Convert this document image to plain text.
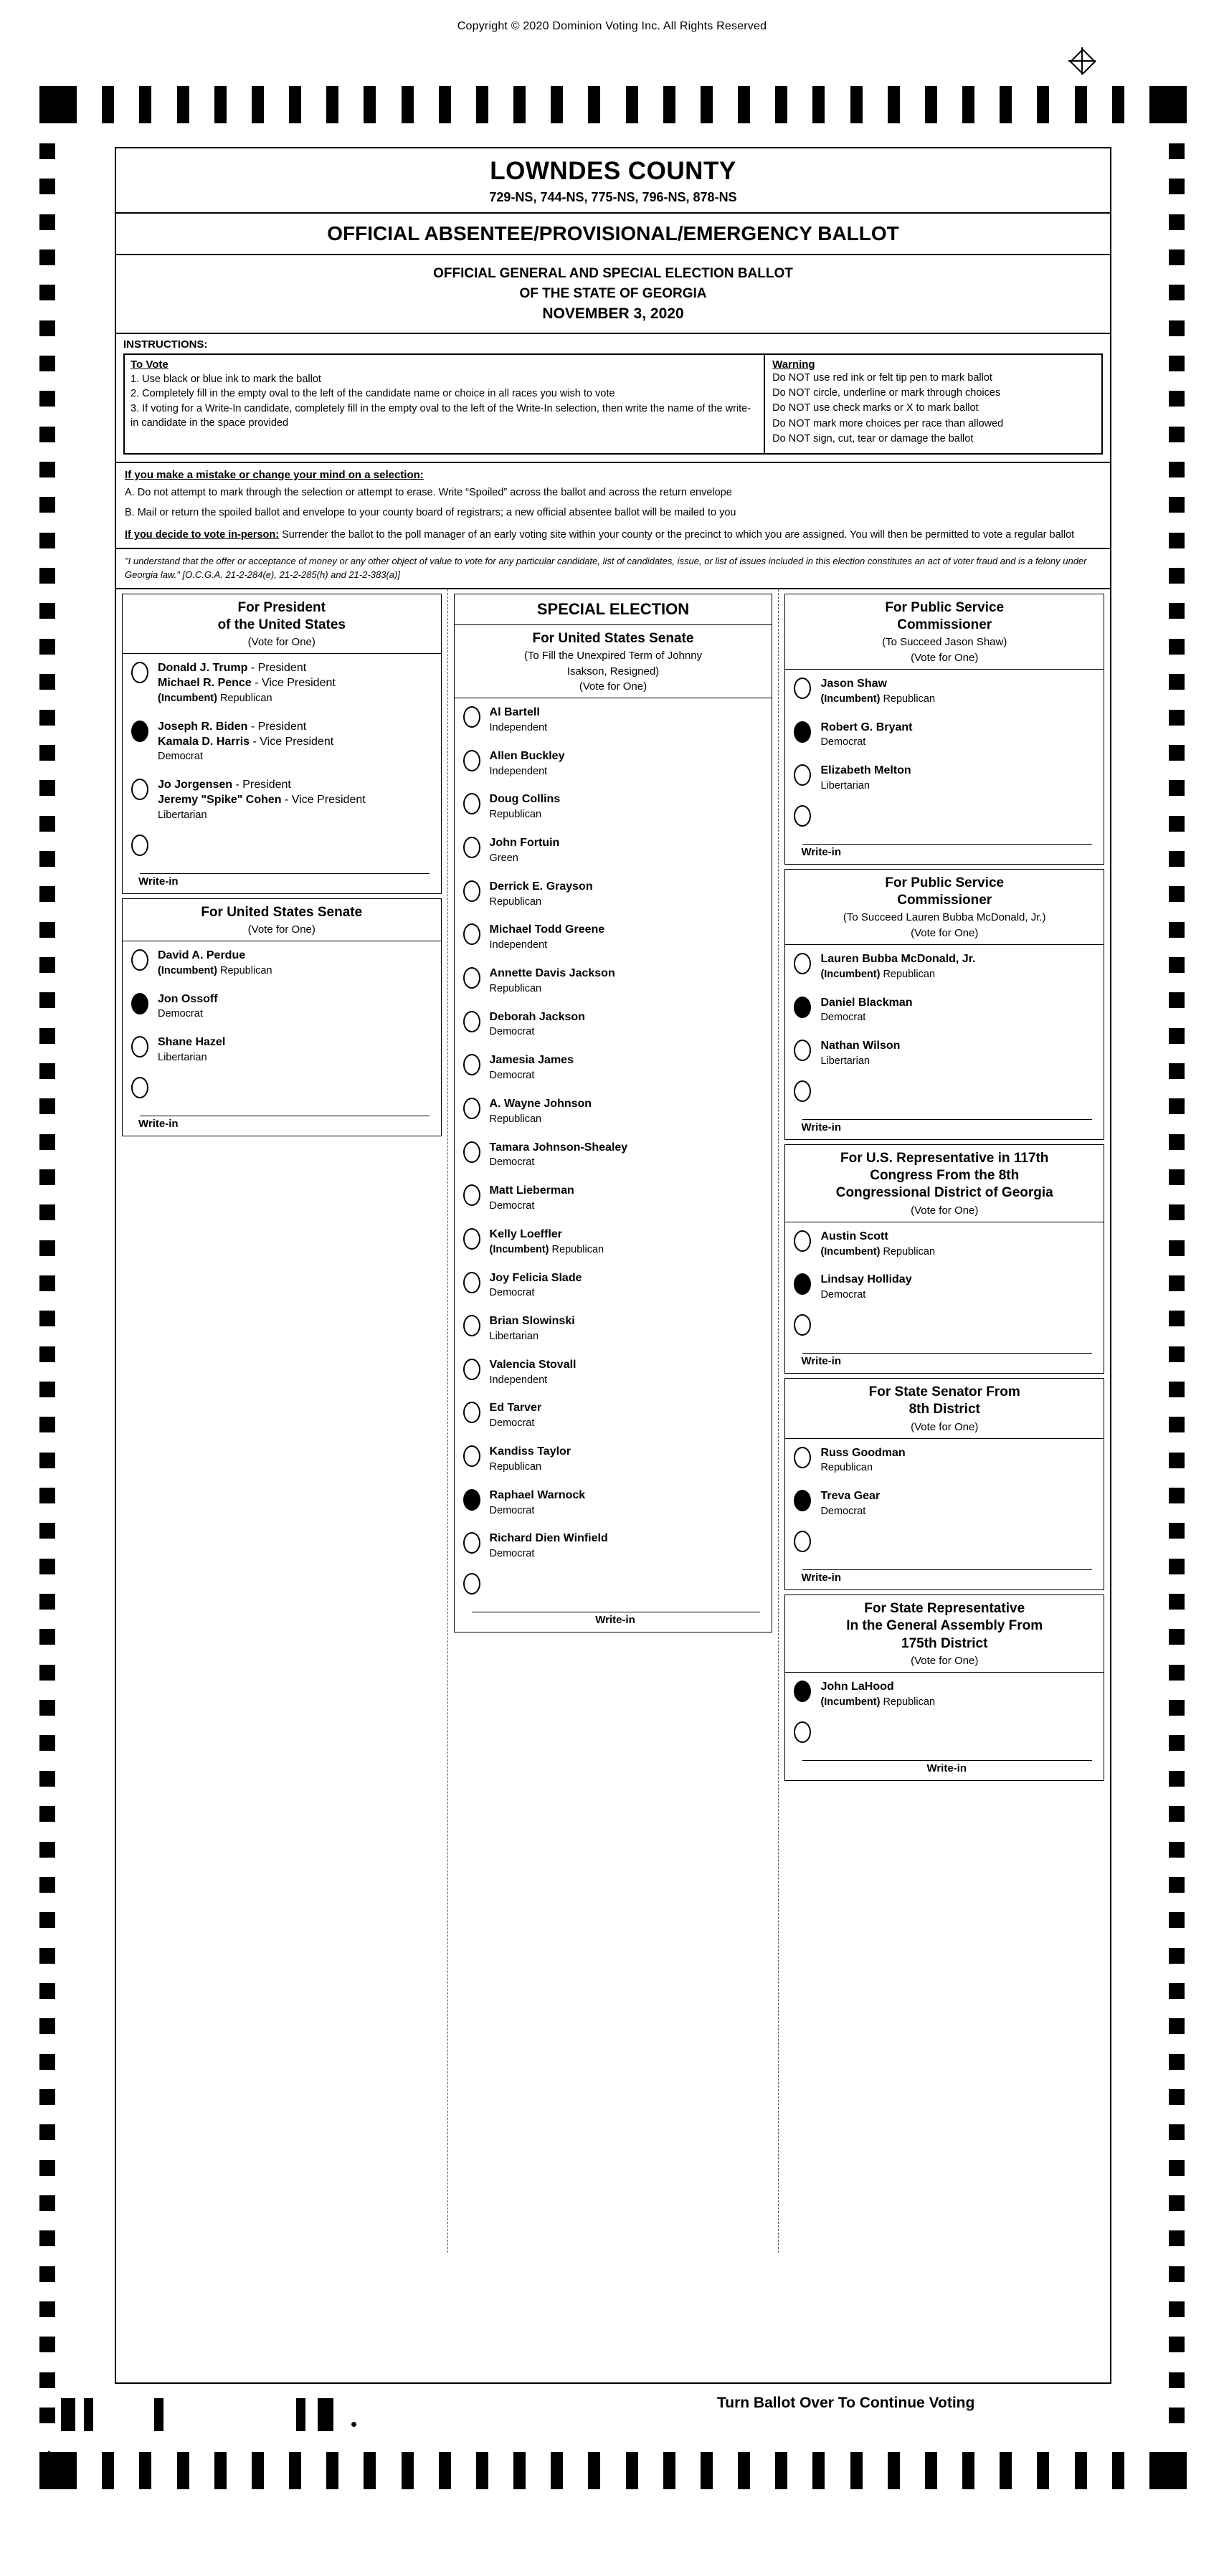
Copyright © 2020 Dominion Voting Inc. All Rights Reserved
LOWNDES COUNTY
729-NS, 744-NS, 775-NS, 796-NS, 878-NS
OFFICIAL ABSENTEE/PROVISIONAL/EMERGENCY BALLOT
OFFICIAL GENERAL AND SPECIAL ELECTION BALLOT
OF THE STATE OF GEORGIA
NOVEMBER 3, 2020
INSTRUCTIONS:
To Vote
1. Use black or blue ink to mark the ballot
2. Completely fill in the empty oval to the left of the candidate name or choice in all races you wish to vote
3. If voting for a Write-In candidate, completely fill in the empty oval to the left of the Write-In selection, then write the name of the write-in candidate in the space provided
Warning
Do NOT use red ink or felt tip pen to mark ballot
Do NOT circle, underline or mark through choices
Do NOT use check marks or X to mark ballot
Do NOT mark more choices per race than allowed
Do NOT sign, cut, tear or damage the ballot
If you make a mistake or change your mind on a selection:
A. Do not attempt to mark through the selection or attempt to erase. Write “Spoiled” across the ballot and across the return envelope
B. Mail or return the spoiled ballot and envelope to your county board of registrars; a new official absentee ballot will be mailed to you
If you decide to vote in-person: Surrender the ballot to the poll manager of an early voting site within your county or the precinct to which you are assigned. You will then be permitted to vote a regular ballot
"I understand that the offer or acceptance of money or any other object of value to vote for any particular candidate, list of candidates, issue, or list of issues included in this election constitutes an act of voter fraud and is a felony under Georgia law." [O.C.G.A. 21-2-284(e), 21-2-285(h) and 21-2-383(a)]
For President
of the United States
(Vote for One)
Donald J. Trump - President
Michael R. Pence - Vice President
(Incumbent) Republican
Joseph R. Biden - President
Kamala D. Harris - Vice President
Democrat
Jo Jorgensen - President
Jeremy "Spike" Cohen - Vice President
Libertarian
Write-in
For United States Senate
(Vote for One)
David A. Perdue
(Incumbent) Republican
Jon Ossoff
Democrat
Shane Hazel
Libertarian
Write-in
SPECIAL ELECTION
For United States Senate
(To Fill the Unexpired Term of Johnny
Isakson, Resigned)
(Vote for One)
Al Bartell
Independent
Allen Buckley
Independent
Doug Collins
Republican
John Fortuin
Green
Derrick E. Grayson
Republican
Michael Todd Greene
Independent
Annette Davis Jackson
Republican
Deborah Jackson
Democrat
Jamesia James
Democrat
A. Wayne Johnson
Republican
Tamara Johnson-Shealey
Democrat
Matt Lieberman
Democrat
Kelly Loeffler
(Incumbent) Republican
Joy Felicia Slade
Democrat
Brian Slowinski
Libertarian
Valencia Stovall
Independent
Ed Tarver
Democrat
Kandiss Taylor
Republican
Raphael Warnock
Democrat
Richard Dien Winfield
Democrat
Write-in
For Public Service
Commissioner
(To Succeed Jason Shaw)
(Vote for One)
Jason Shaw
(Incumbent) Republican
Robert G. Bryant
Democrat
Elizabeth Melton
Libertarian
Write-in
For Public Service
Commissioner
(To Succeed Lauren Bubba McDonald, Jr.)
(Vote for One)
Lauren Bubba McDonald, Jr.
(Incumbent) Republican
Daniel Blackman
Democrat
Nathan Wilson
Libertarian
Write-in
For U.S. Representative in 117th
Congress From the 8th
Congressional District of Georgia
(Vote for One)
Austin Scott
(Incumbent) Republican
Lindsay Holliday
Democrat
Write-in
For State Senator From
8th District
(Vote for One)
Russ Goodman
Republican
Treva Gear
Democrat
Write-in
For State Representative
In the General Assembly From
175th District
(Vote for One)
John LaHood
(Incumbent) Republican
Write-in
Turn Ballot Over To Continue Voting
